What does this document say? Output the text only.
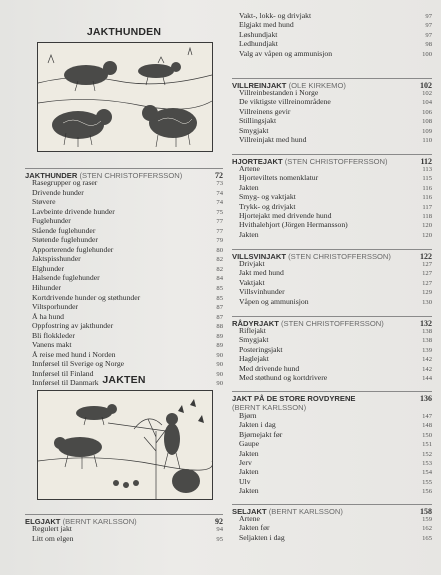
JAKTHUNDEN
JAKTHUNDER (STEN CHRISTOFFERSSON)	72
Rasegrupper og raser	73
Drivende hunder	74
Støvere	74
Lavbeinte drivende hunder	75
Fuglehunder	77
Stående fuglehunder	77
Støtende fuglehunder	79
Apporterende fuglehunder	80
Jaktspisshunder	82
Elghunder	82
Halsende fuglehunder	84
Hihunder	85
Kortdrivende hunder og støthunder	85
Viltsporhunder	87
Å ha hund	87
Oppfostring av jakthunder	88
Bli flokkleder	89
Vanens makt	89
Å reise med hund i Norden	90
Innførsel til Sverige og Norge	90
Innførsel til Finland	90
Innførsel til Danmark	90
JAKTEN
ELGJAKT (BERNT KARLSSON)	92
Regulert jakt	94
Litt om elgen	95
Vakt-, lokk- og drivjakt	97
Elgjakt med hund	97
Løshundjakt	97
Ledhundjakt	98
Valg av våpen og ammunisjon	100
VILLREINJAKT (OLE KIRKEMO)	102
Villreinbestanden i Norge	102
De viktigste villreinområdene	104
Villreinens gevir	106
Stillingsjakt	108
Smygjakt	109
Villreinjakt med hund	110
HJORTEJAKT (STEN CHRISTOFFERSSON)	112
Artene	113
Hjorteviltets nomenklatur	115
Jakten	116
Smyg- og vaktjakt	116
Trykk- og drivjakt	117
Hjortejakt med drivende hund	118
Hvithalehjort (Jörgen Hermansson)	120
Jakten	120
VILLSVINJAKT (STEN CHRISTOFFERSSON)	122
Drivjakt	127
Jakt med hund	127
Vaktjakt	127
Villsvinhunder	129
Våpen og ammunisjon	130
RÅDYRJAKT (STEN CHRISTOFFERSSON)	132
Riflejakt	138
Smygjakt	138
Posteringsjakt	139
Haglejakt	142
Med drivende hund	142
Med støthund og kortdrivere	144
JAKT PÅ DE STORE ROVDYRENE	136
(BERNT KARLSSON)
Bjørn	147
Jakten i dag	148
Bjørnejakt før	150
Gaupe	151
Jakten	152
Jerv	153
Jakten	154
Ulv	155
Jakten	156
SELJAKT (BERNT KARLSSON)	158
Artene	159
Jakten før	162
Seljakten i dag	165
